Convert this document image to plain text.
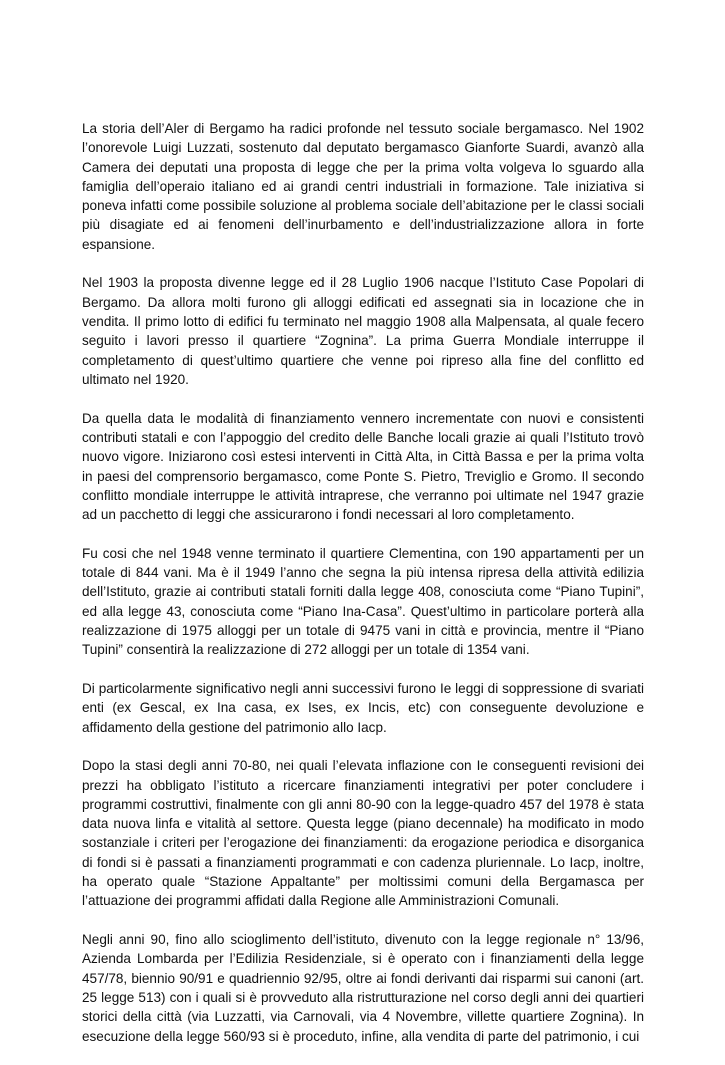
La storia dell’Aler di Bergamo ha radici profonde nel tessuto sociale bergamasco. Nel 1902 l’onorevole Luigi Luzzati, sostenuto dal deputato bergamasco Gianforte Suardi, avanzò alla Camera dei deputati una proposta di legge che per la prima volta volgeva lo sguardo alla famiglia dell’operaio italiano ed ai grandi centri industriali in formazione. Tale iniziativa si poneva infatti come possibile soluzione al problema sociale dell’abitazione per le classi sociali più disagiate ed ai fenomeni dell’inurbamento e dell’industrializzazione allora in forte espansione.

Nel 1903 la proposta divenne legge ed il 28 Luglio 1906 nacque l’Istituto Case Popolari di Bergamo. Da allora molti furono gli alloggi edificati ed assegnati sia in locazione che in vendita. Il primo lotto di edifici fu terminato nel maggio 1908 alla Malpensata, al quale fecero seguito i lavori presso il quartiere “Zognina”. La prima Guerra Mondiale interruppe il completamento di quest’ultimo quartiere che venne poi ripreso alla fine del conflitto ed ultimato nel 1920.

Da quella data le modalità di finanziamento vennero incrementate con nuovi e consistenti contributi statali e con l’appoggio del credito delle Banche locali grazie ai quali l’Istituto trovò nuovo vigore. Iniziarono così estesi interventi in Città Alta, in Città Bassa e per la prima volta in paesi del comprensorio bergamasco, come Ponte S. Pietro, Treviglio e Gromo. Il secondo conflitto mondiale interruppe le attività intraprese, che verranno poi ultimate nel 1947 grazie ad un pacchetto di leggi che assicurarono i fondi necessari al loro completamento.

Fu cosi che nel 1948 venne terminato il quartiere Clementina, con 190 appartamenti per un totale di 844 vani. Ma è il 1949 l’anno che segna la più intensa ripresa della attività edilizia dell’Istituto, grazie ai contributi statali forniti dalla legge 408, conosciuta come “Piano Tupini”, ed alla legge 43, conosciuta come “Piano Ina-Casa”. Quest’ultimo in particolare porterà alla realizzazione di 1975 alloggi per un totale di 9475 vani in città e provincia, mentre il “Piano Tupini” consentirà la realizzazione di 272 alloggi per un totale di 1354 vani.

Di particolarmente significativo negli anni successivi furono Ie leggi di soppressione di svariati enti (ex Gescal, ex Ina casa, ex Ises, ex Incis, etc) con conseguente devoluzione e affidamento della gestione del patrimonio allo Iacp.

Dopo la stasi degli anni 70-80, nei quali l’elevata inflazione con Ie conseguenti revisioni dei prezzi ha obbligato l’istituto a ricercare finanziamenti integrativi per poter concludere i programmi costruttivi, finalmente con gli anni 80-90 con la legge-quadro 457 del 1978 è stata data nuova linfa e vitalità al settore. Questa legge (piano decennale) ha modificato in modo sostanziale i criteri per l’erogazione dei finanziamenti: da erogazione periodica e disorganica di fondi si è passati a finanziamenti programmati e con cadenza pluriennale. Lo Iacp, inoltre, ha operato quale “Stazione Appaltante” per moltissimi comuni della Bergamasca per l’attuazione dei programmi affidati dalla Regione alle Amministrazioni Comunali.

Negli anni 90, fino allo scioglimento dell’istituto, divenuto con la legge regionale n° 13/96, Azienda Lombarda per l’Edilizia Residenziale, si è operato con i finanziamenti della legge 457/78, biennio 90/91 e quadriennio 92/95, oltre ai fondi derivanti dai risparmi sui canoni (art. 25 legge 513) con i quali si è provveduto alla ristrutturazione nel corso degli anni dei quartieri storici della città (via Luzzatti, via Carnovali, via 4 Novembre, villette quartiere Zognina). In esecuzione della legge 560/93 si è proceduto, infine, alla vendita di parte del patrimonio, i cui
